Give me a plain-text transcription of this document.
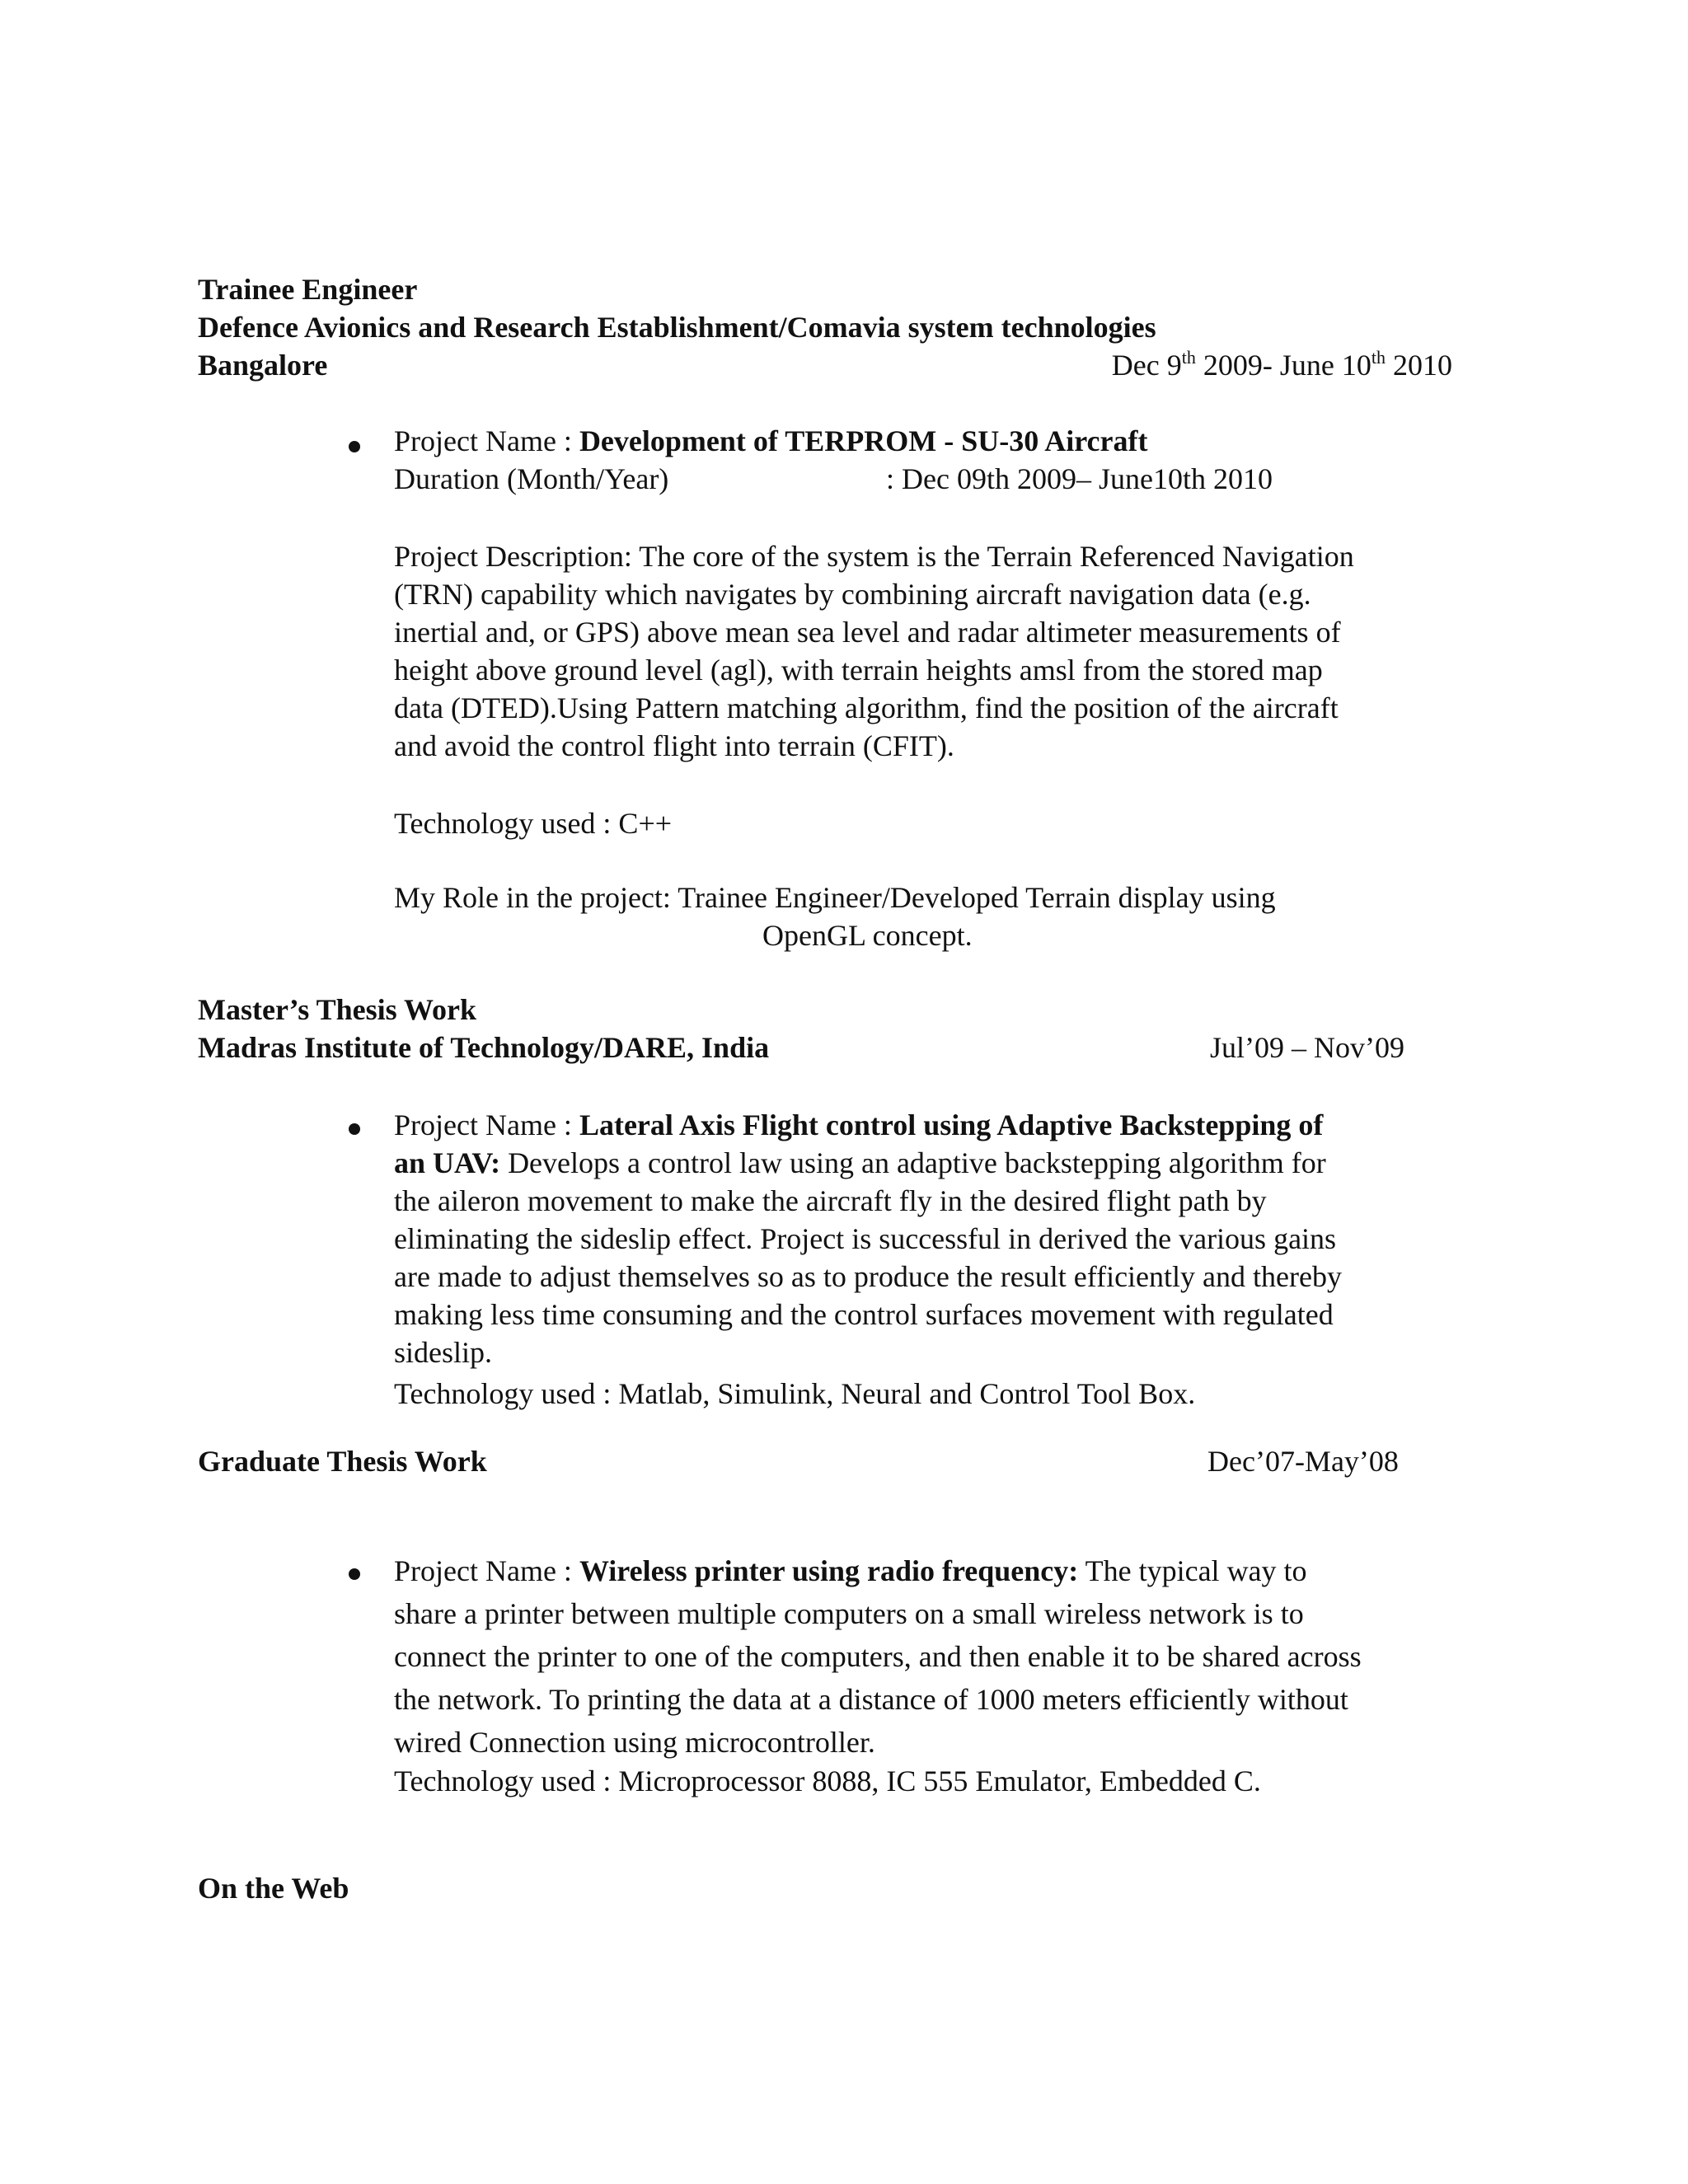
Trainee Engineer
Defence Avionics and Research Establishment/Comavia system technologies
Bangalore	Dec 9th 2009- June 10th 2010
Project Name : Development of TERPROM - SU-30 Aircraft
Duration (Month/Year)	: Dec 09th 2009– June10th 2010
Project Description: The core of the system is the Terrain Referenced Navigation
(TRN) capability which navigates by combining aircraft navigation data (e.g.
inertial and, or GPS) above mean sea level and radar altimeter measurements of
height above ground level (agl), with terrain heights amsl from the stored map
data (DTED).Using Pattern matching algorithm, find the position of the aircraft
and avoid the control flight into terrain (CFIT).
Technology used : C++
My Role in the project: Trainee Engineer/Developed Terrain display using
OpenGL concept.
Master’s Thesis Work
Madras Institute of Technology/DARE, India	Jul’09 – Nov’09
Project Name : Lateral Axis Flight control using Adaptive Backstepping of
an UAV: Develops a control law using an adaptive backstepping algorithm for
the aileron movement to make the aircraft fly in the desired flight path by
eliminating the sideslip effect. Project is successful in derived the various gains
are made to adjust themselves so as to produce the result efficiently and thereby
making less time consuming and the control surfaces movement with regulated
sideslip.
Technology used : Matlab, Simulink, Neural and Control Tool Box.
Graduate Thesis Work	Dec’07-May’08
Project Name : Wireless printer using radio frequency: The typical way to
share a printer between multiple computers on a small wireless network is to
connect the printer to one of the computers, and then enable it to be shared across
the network. To printing the data at a distance of 1000 meters efficiently without
wired Connection using microcontroller.
Technology used : Microprocessor 8088, IC 555 Emulator, Embedded C.
On the Web
